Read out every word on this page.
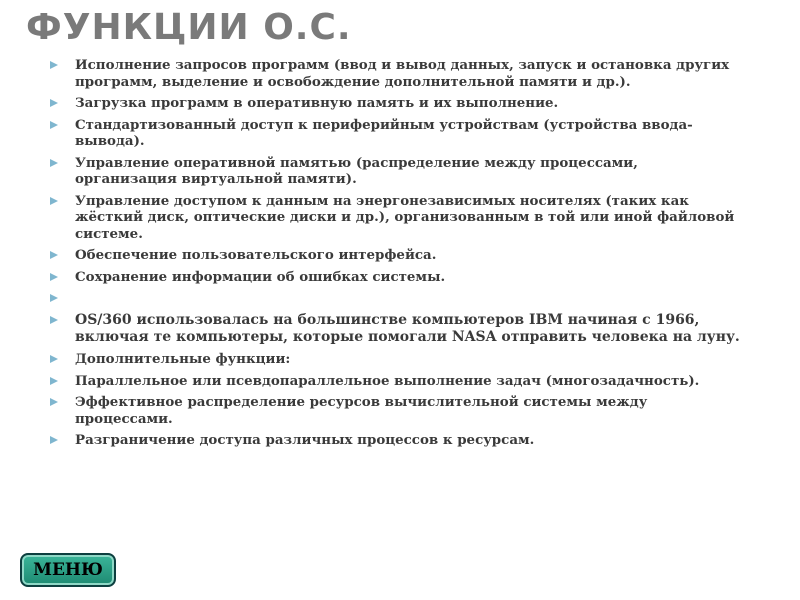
ФУНКЦИИ О.С.
Исполнение запросов программ (ввод и вывод данных, запуск и остановка других программ, выделение и освобождение дополнительной памяти и др.).
Загрузка программ в оперативную память и их выполнение.
Стандартизованный доступ к периферийным устройствам (устройства ввода-вывода).
Управление оперативной памятью (распределение между процессами, организация виртуальной памяти).
Управление доступом к данным на энергонезависимых носителях (таких как жёсткий диск, оптические диски и др.), организованным в той или иной файловой системе.
Обеспечение пользовательского интерфейса.
Сохранение информации об ошибках системы.
OS/360 использовалась на большинстве компьютеров IBM начиная с 1966, включая те компьютеры, которые помогали NASA отправить человека на луну.
Дополнительные функции:
Параллельное или псевдопараллельное выполнение задач (многозадачность).
Эффективное распределение ресурсов вычислительной системы между процессами.
Разграничение доступа различных процессов к ресурсам.
МЕНЮ
